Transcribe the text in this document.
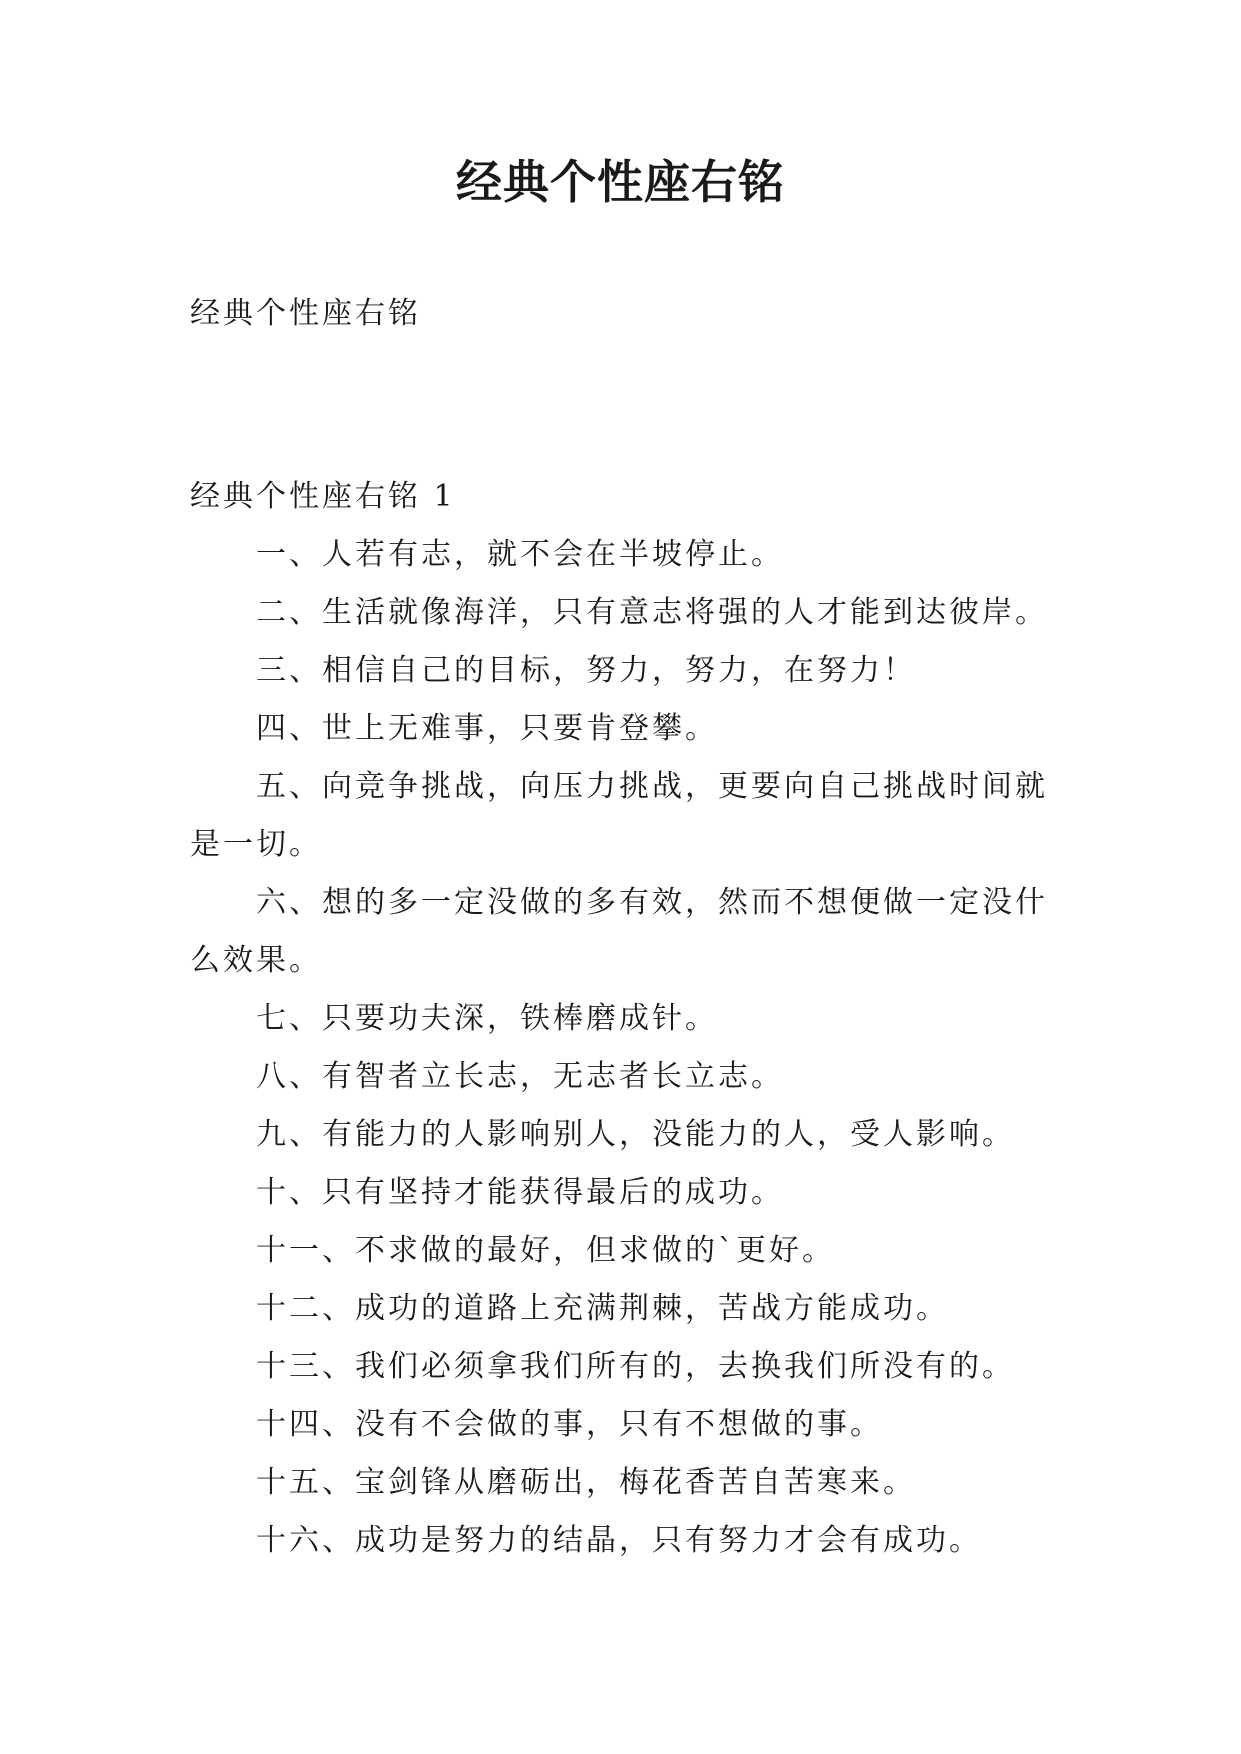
经典个性座右铭
经典个性座右铭

经典个性座右铭 1

一、人若有志，就不会在半坡停止。

二、生活就像海洋，只有意志将强的人才能到达彼岸。

三、相信自己的目标，努力，努力，在努力！

四、世上无难事，只要肯登攀。

五、向竞争挑战，向压力挑战，更要向自己挑战时间就是一切。

六、想的多一定没做的多有效，然而不想便做一定没什么效果。

七、只要功夫深，铁棒磨成针。

八、有智者立长志，无志者长立志。

九、有能力的人影响别人，没能力的人，受人影响。

十、只有坚持才能获得最后的成功。

十一、不求做的最好，但求做的`更好。

十二、成功的道路上充满荆棘，苦战方能成功。

十三、我们必须拿我们所有的，去换我们所没有的。

十四、没有不会做的事，只有不想做的事。

十五、宝剑锋从磨砺出，梅花香苦自苦寒来。

十六、成功是努力的结晶，只有努力才会有成功。
